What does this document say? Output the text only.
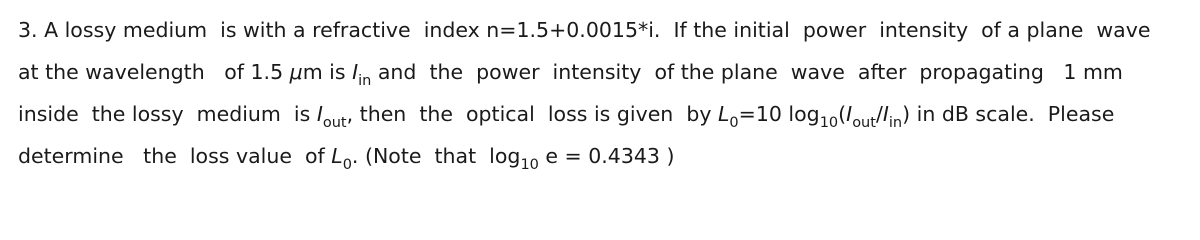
3. A lossy medium  is with a refractive  index n=1.5+0.0015*i.  If the initial  power  intensity  of a plane  wave
at the wavelength   of 1.5 μm is $I_{in}$ and  the  power  intensity  of the plane  wave  after  propagating   1 mm
inside  the lossy  medium  is $I_{out}$, then  the  optical  loss is given  by $L_0=10$ $\log_{10}(I_{out}/I_{in})$ in dB scale.  Please
determine   the  loss value  of $L_0$. (Note  that  $\log_{10} e = 0.4343$ )
